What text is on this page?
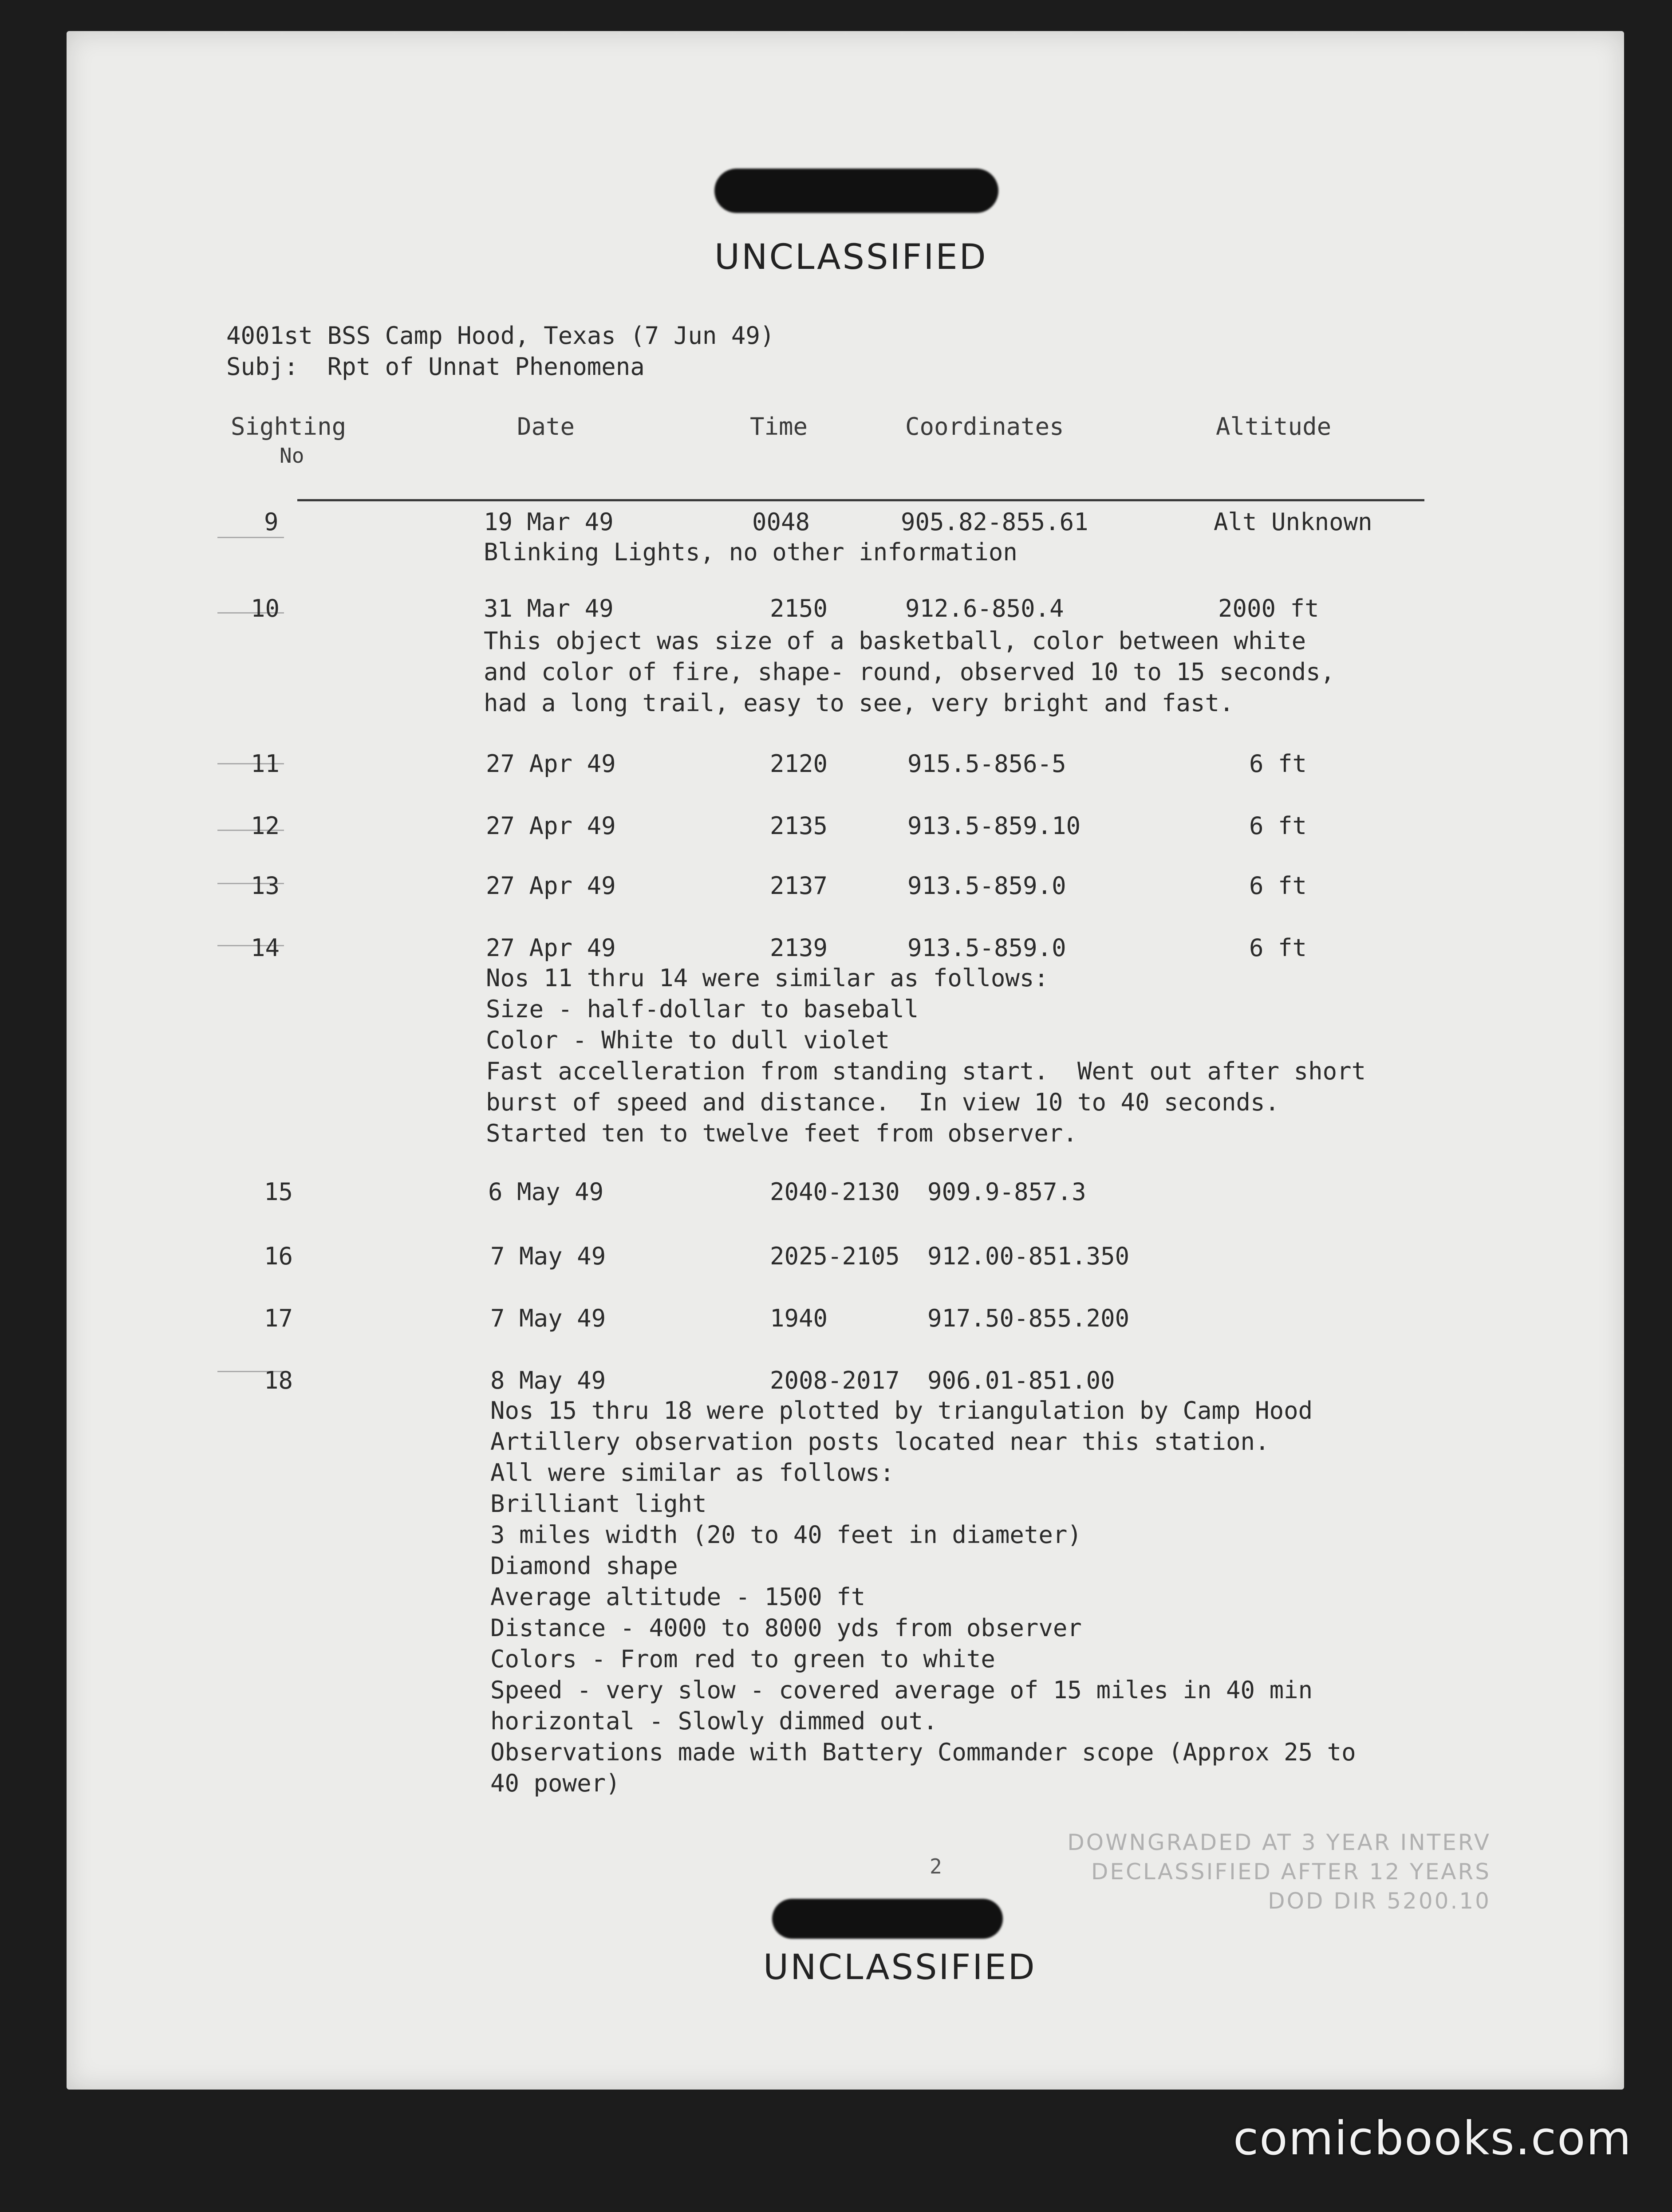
UNCLASSIFIED
4001st BSS Camp Hood, Texas (7 Jun 49)
Subj:  Rpt of Unnat Phenomena
Sighting
No
Date	Time	Coordinates	Altitude
9	19 Mar 49	0048	905.82-855.61	Alt Unknown
Blinking Lights, no other information
10	31 Mar 49	2150	912.6-850.4	2000 ft
This object was size of a basketball, color between white
and color of fire, shape- round, observed 10 to 15 seconds,
had a long trail, easy to see, very bright and fast.
11	27 Apr 49	2120	915.5-856-5	6 ft
12	27 Apr 49	2135	913.5-859.10	6 ft
13	27 Apr 49	2137	913.5-859.0	6 ft
14	27 Apr 49	2139	913.5-859.0	6 ft
Nos 11 thru 14 were similar as follows:
Size - half-dollar to baseball
Color - White to dull violet
Fast accelleration from standing start.  Went out after short
burst of speed and distance.  In view 10 to 40 seconds.
Started ten to twelve feet from observer.
15	6 May 49	2040-2130 909.9-857.3
16	7 May 49	2025-2105 912.00-851.350
17	7 May 49	1940	917.50-855.200
18	8 May 49	2008-2017 906.01-851.00
Nos 15 thru 18 were plotted by triangulation by Camp Hood
Artillery observation posts located near this station.
All were similar as follows:
Brilliant light
3 miles width (20 to 40 feet in diameter)
Diamond shape
Average altitude - 1500 ft
Distance - 4000 to 8000 yds from observer
Colors - From red to green to white
Speed - very slow - covered average of 15 miles in 40 min
horizontal - Slowly dimmed out.
Observations made with Battery Commander scope (Approx 25 to
40 power)
DOWNGRADED AT 3 YEAR INTERV
DECLASSIFIED AFTER 12 YEARS
DOD DIR 5200.10
2
UNCLASSIFIED
comicbooks.com
